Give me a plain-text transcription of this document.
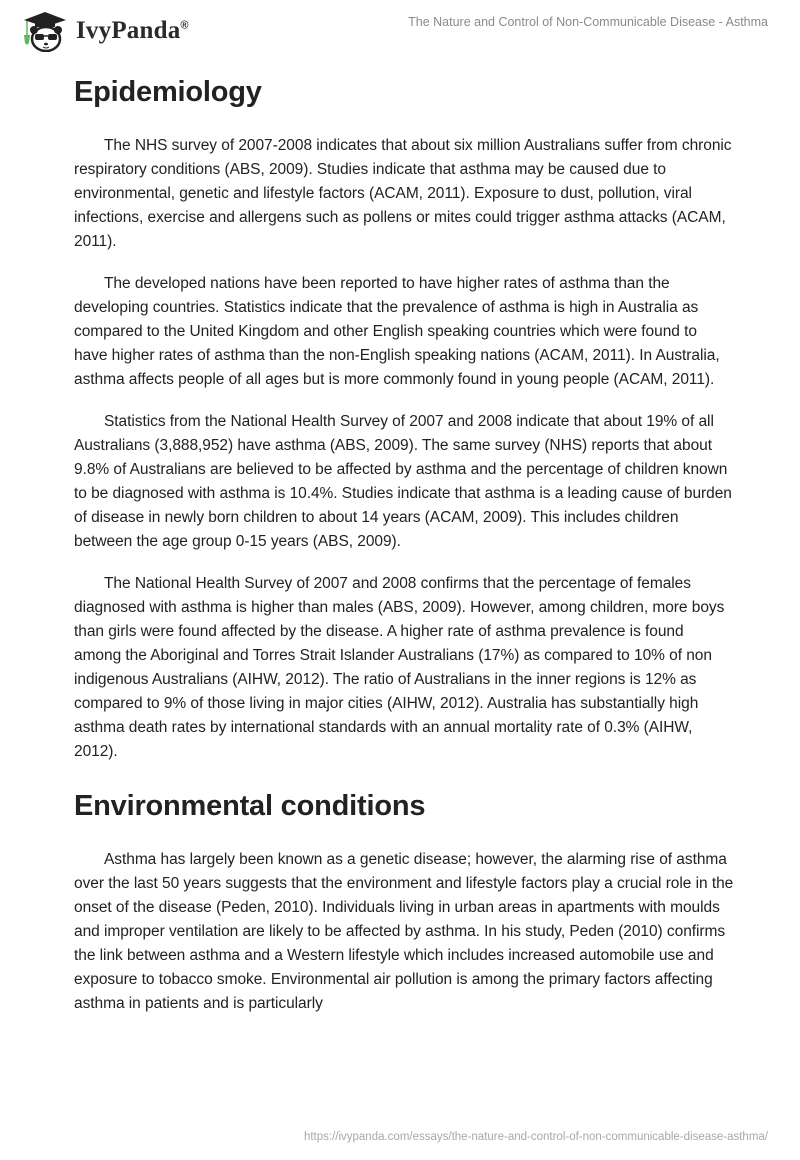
IvyPanda®	The Nature and Control of Non-Communicable Disease - Asthma
Epidemiology

The NHS survey of 2007-2008 indicates that about six million Australians suffer from chronic respiratory conditions (ABS, 2009). Studies indicate that asthma may be caused due to environmental, genetic and lifestyle factors (ACAM, 2011). Exposure to dust, pollution, viral infections, exercise and allergens such as pollens or mites could trigger asthma attacks (ACAM, 2011).

The developed nations have been reported to have higher rates of asthma than the developing countries. Statistics indicate that the prevalence of asthma is high in Australia as compared to the United Kingdom and other English speaking countries which were found to have higher rates of asthma than the non-English speaking nations (ACAM, 2011). In Australia, asthma affects people of all ages but is more commonly found in young people (ACAM, 2011).

Statistics from the National Health Survey of 2007 and 2008 indicate that about 19% of all Australians (3,888,952) have asthma (ABS, 2009). The same survey (NHS) reports that about 9.8% of Australians are believed to be affected by asthma and the percentage of children known to be diagnosed with asthma is 10.4%. Studies indicate that asthma is a leading cause of burden of disease in newly born children to about 14 years (ACAM, 2009). This includes children between the age group 0-15 years (ABS, 2009).

The National Health Survey of 2007 and 2008 confirms that the percentage of females diagnosed with asthma is higher than males (ABS, 2009). However, among children, more boys than girls were found affected by the disease. A higher rate of asthma prevalence is found among the Aboriginal and Torres Strait Islander Australians (17%) as compared to 10% of non indigenous Australians (AIHW, 2012). The ratio of Australians in the inner regions is 12% as compared to 9% of those living in major cities (AIHW, 2012). Australia has substantially high asthma death rates by international standards with an annual mortality rate of 0.3% (AIHW, 2012).

Environmental conditions

Asthma has largely been known as a genetic disease; however, the alarming rise of asthma over the last 50 years suggests that the environment and lifestyle factors play a crucial role in the onset of the disease (Peden, 2010). Individuals living in urban areas in apartments with moulds and improper ventilation are likely to be affected by asthma. In his study, Peden (2010) confirms the link between asthma and a Western lifestyle which includes increased automobile use and exposure to tobacco smoke. Environmental air pollution is among the primary factors affecting asthma in patients and is particularly

https://ivypanda.com/essays/the-nature-and-control-of-non-communicable-disease-asthma/
